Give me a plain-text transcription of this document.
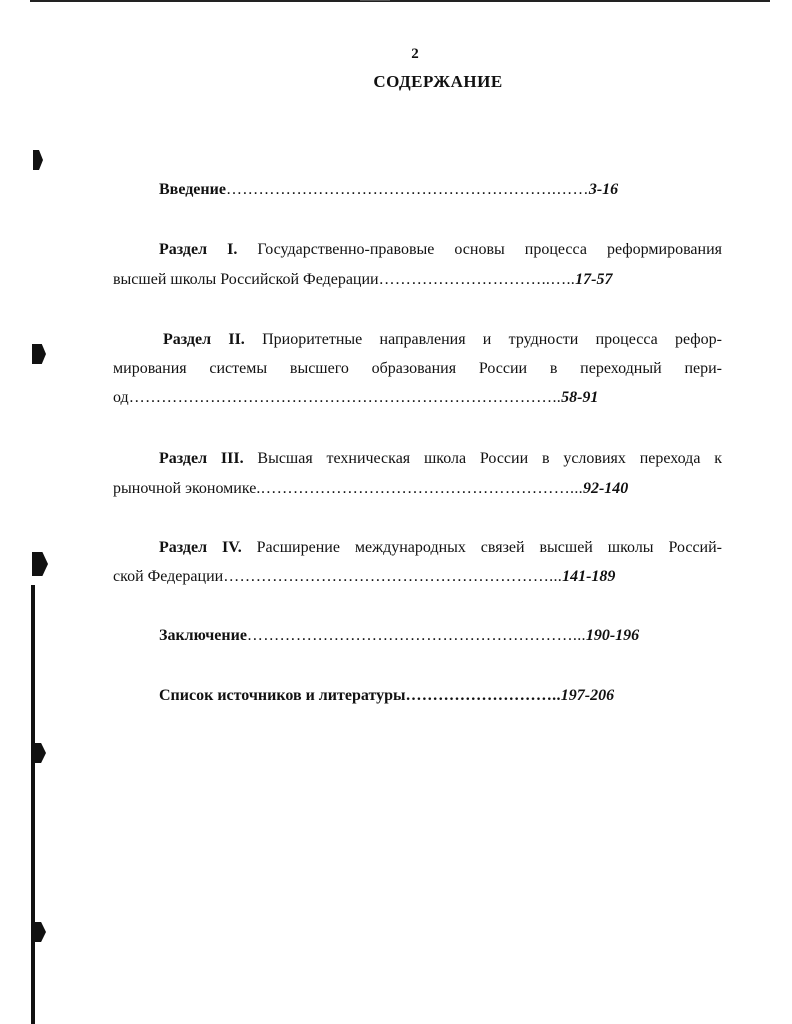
2
СОДЕРЖАНИЕ
Введение…………………………………………………….……3-16
Раздел I. Государственно-правовые основы процесса реформирования
высшей школы Российской Федерации…………………………..…..17-57
Раздел II. Приоритетные направления и трудности процесса рефор-
мирования системы высшего образования России в переходный пери-
од……………………………………………………………………..58-91
Раздел III. Высшая техническая школа России в условиях перехода к
рыночной экономике.…………………………………………………...92-140
Раздел IV. Расширение международных связей высшей школы Россий-
ской Федерации……………………………………………………...141-189
Заключение……………………………………………………...190-196
Список источников и литературы………………………..197-206
